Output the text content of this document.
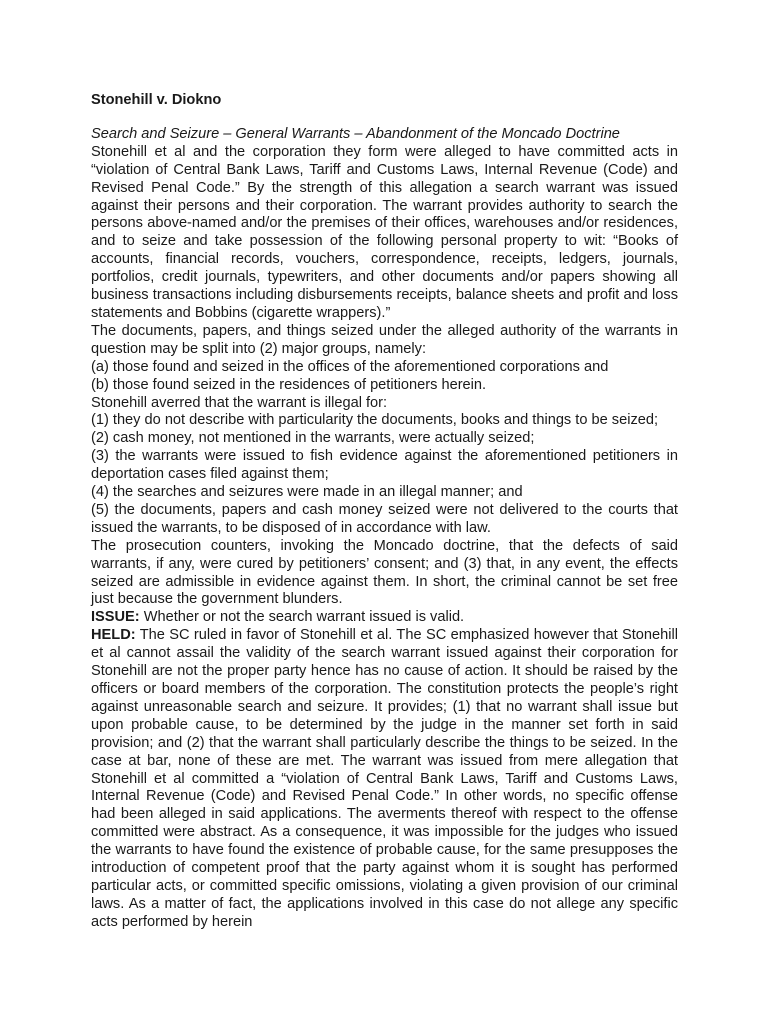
Stonehill v. Diokno

Search and Seizure – General Warrants – Abandonment of the Moncado Doctrine

Stonehill et al and the corporation they form were alleged to have committed acts in “violation of Central Bank Laws, Tariff and Customs Laws, Internal Revenue (Code) and Revised Penal Code.” By the strength of this allegation a search warrant was issued against their persons and their corporation. The warrant provides authority to search the persons above-named and/or the premises of their offices, warehouses and/or residences, and to seize and take possession of the following personal property to wit: “Books of accounts, financial records, vouchers, correspondence, receipts, ledgers, journals, portfolios, credit journals, typewriters, and other documents and/or papers showing all business transactions including disbursements receipts, balance sheets and profit and loss statements and Bobbins (cigarette wrappers).”

The documents, papers, and things seized under the alleged authority of the warrants in question may be split into (2) major groups, namely:

(a) those found and seized in the offices of the aforementioned corporations and

(b) those found seized in the residences of petitioners herein.

Stonehill averred that the warrant is illegal for:

(1) they do not describe with particularity the documents, books and things to be seized;

(2) cash money, not mentioned in the warrants, were actually seized;

(3) the warrants were issued to fish evidence against the aforementioned petitioners in deportation cases filed against them;

(4) the searches and seizures were made in an illegal manner; and

(5) the documents, papers and cash money seized were not delivered to the courts that issued the warrants, to be disposed of in accordance with law.

The prosecution counters, invoking the Moncado doctrine, that the defects of said warrants, if any, were cured by petitioners’ consent; and (3) that, in any event, the effects seized are admissible in evidence against them. In short, the criminal cannot be set free just because the government blunders.

ISSUE: Whether or not the search warrant issued is valid.

HELD: The SC ruled in favor of Stonehill et al. The SC emphasized however that Stonehill et al cannot assail the validity of the search warrant issued against their corporation for Stonehill are not the proper party hence has no cause of action. It should be raised by the officers or board members of the corporation. The constitution protects the people’s right against unreasonable search and seizure. It provides; (1) that no warrant shall issue but upon probable cause, to be determined by the judge in the manner set forth in said provision; and (2) that the warrant shall particularly describe the things to be seized. In the case at bar, none of these are met. The warrant was issued from mere allegation that Stonehill et al committed a “violation of Central Bank Laws, Tariff and Customs Laws, Internal Revenue (Code) and Revised Penal Code.” In other words, no specific offense had been alleged in said applications. The averments thereof with respect to the offense committed were abstract. As a consequence, it was impossible for the judges who issued the warrants to have found the existence of probable cause, for the same presupposes the introduction of competent proof that the party against whom it is sought has performed particular acts, or committed specific omissions, violating a given provision of our criminal laws. As a matter of fact, the applications involved in this case do not allege any specific acts performed by herein
